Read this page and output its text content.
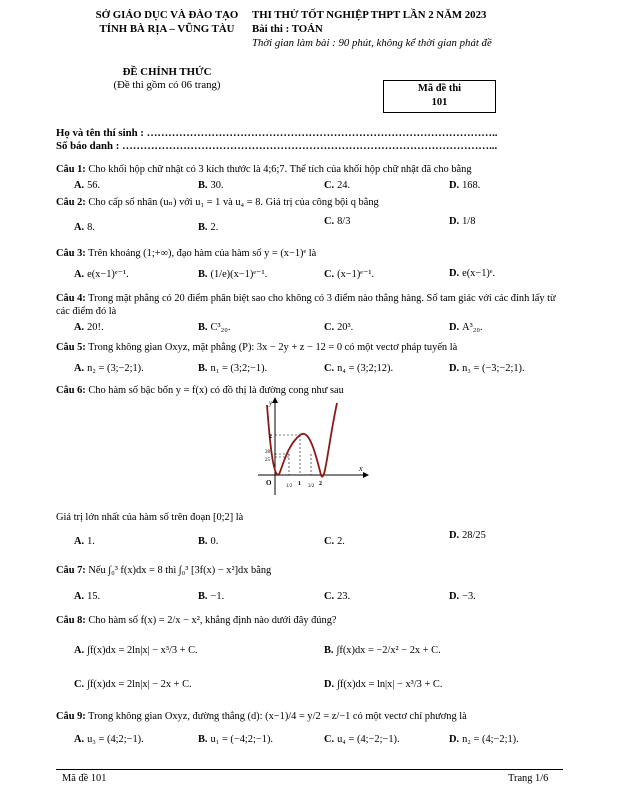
SỞ GIÁO DỤC VÀ ĐÀO TẠO
TỈNH BÀ RỊA – VŨNG TÀU
THI THỬ TỐT NGHIỆP THPT LẦN 2 NĂM 2023
Bài thi : TOÁN
Thời gian làm bài : 90 phút, không kể thời gian phát đề
ĐỀ CHÍNH THỨC
(Đề thi gồm có 06 trang)	Mã đề thi
101
Họ và tên thí sinh : ……………………………………………………………………………………..
Số báo danh : …………………………………………………………………………………………...
Câu 1: Cho khối hộp chữ nhật có 3 kích thước là 4;6;7. Thể tích của khối hộp chữ nhật đã cho bằng
A. 56.	B. 30.	C. 24.	D. 168.
Câu 2: Cho cấp số nhân (uₙ) với u₁ = 1 và u₄ = 8. Giá trị của công bội q bằng
A. 8.	B. 2.
C. 8/3	D. 1/8
Câu 3: Trên khoảng (1;+∞), đạo hàm của hàm số y = (x−1)ᵉ là
A. e(x−1)ᵉ⁻¹.	B. (1/e)(x−1)ᵉ⁻¹.	C. (x−1)ᵉ⁻¹.	D. e(x−1)ᵉ.
Câu 4: Trong mặt phẳng có 20 điểm phân biệt sao cho không có 3 điểm nào thẳng hàng. Số tam giác với các đỉnh lấy từ các điểm đó là
A. 20!.	B. C³₂₀.	C. 20³.	D. A³₂₀.
Câu 5: Trong không gian Oxyz, mặt phẳng (P): 3x − 2y + z − 12 = 0 có một vectơ pháp tuyến là
A. n₂ = (3;−2;1).	B. n₁ = (3;2;−1).	C. n₄ = (3;2;12).	D. n₃ = (−3;−2;1).
Câu 6: Cho hàm số bậc bốn y = f(x) có đồ thị là đường cong như sau
y
x
O
2
28
25
1/2 1 3/2 2
Giá trị lớn nhất của hàm số trên đoạn [0;2] là
A. 1.	B. 0.	C. 2.
D. 28/25
Câu 7: Nếu ∫₀³ f(x)dx = 8 thì ∫₀³ [3f(x) − x²]dx bằng
A. 15.	B. −1.	C. 23.	D. −3.
Câu 8: Cho hàm số f(x) = 2/x − x², khẳng định nào dưới đây đúng?
A. ∫f(x)dx = 2ln|x| − x³/3 + C.	B. ∫f(x)dx = −2/x² − 2x + C.
C. ∫f(x)dx = 2ln|x| − 2x + C.	D. ∫f(x)dx = ln|x| − x³/3 + C.
Câu 9: Trong không gian Oxyz, đường thẳng (d): (x−1)/4 = y/2 = z/−1 có một vectơ chỉ phương là
A. u₃ = (4;2;−1).	B. u₁ = (−4;2;−1).	C. u₄ = (4;−2;−1).	D. n₂ = (4;−2;1).
Mã đề 101	Trang 1/6
